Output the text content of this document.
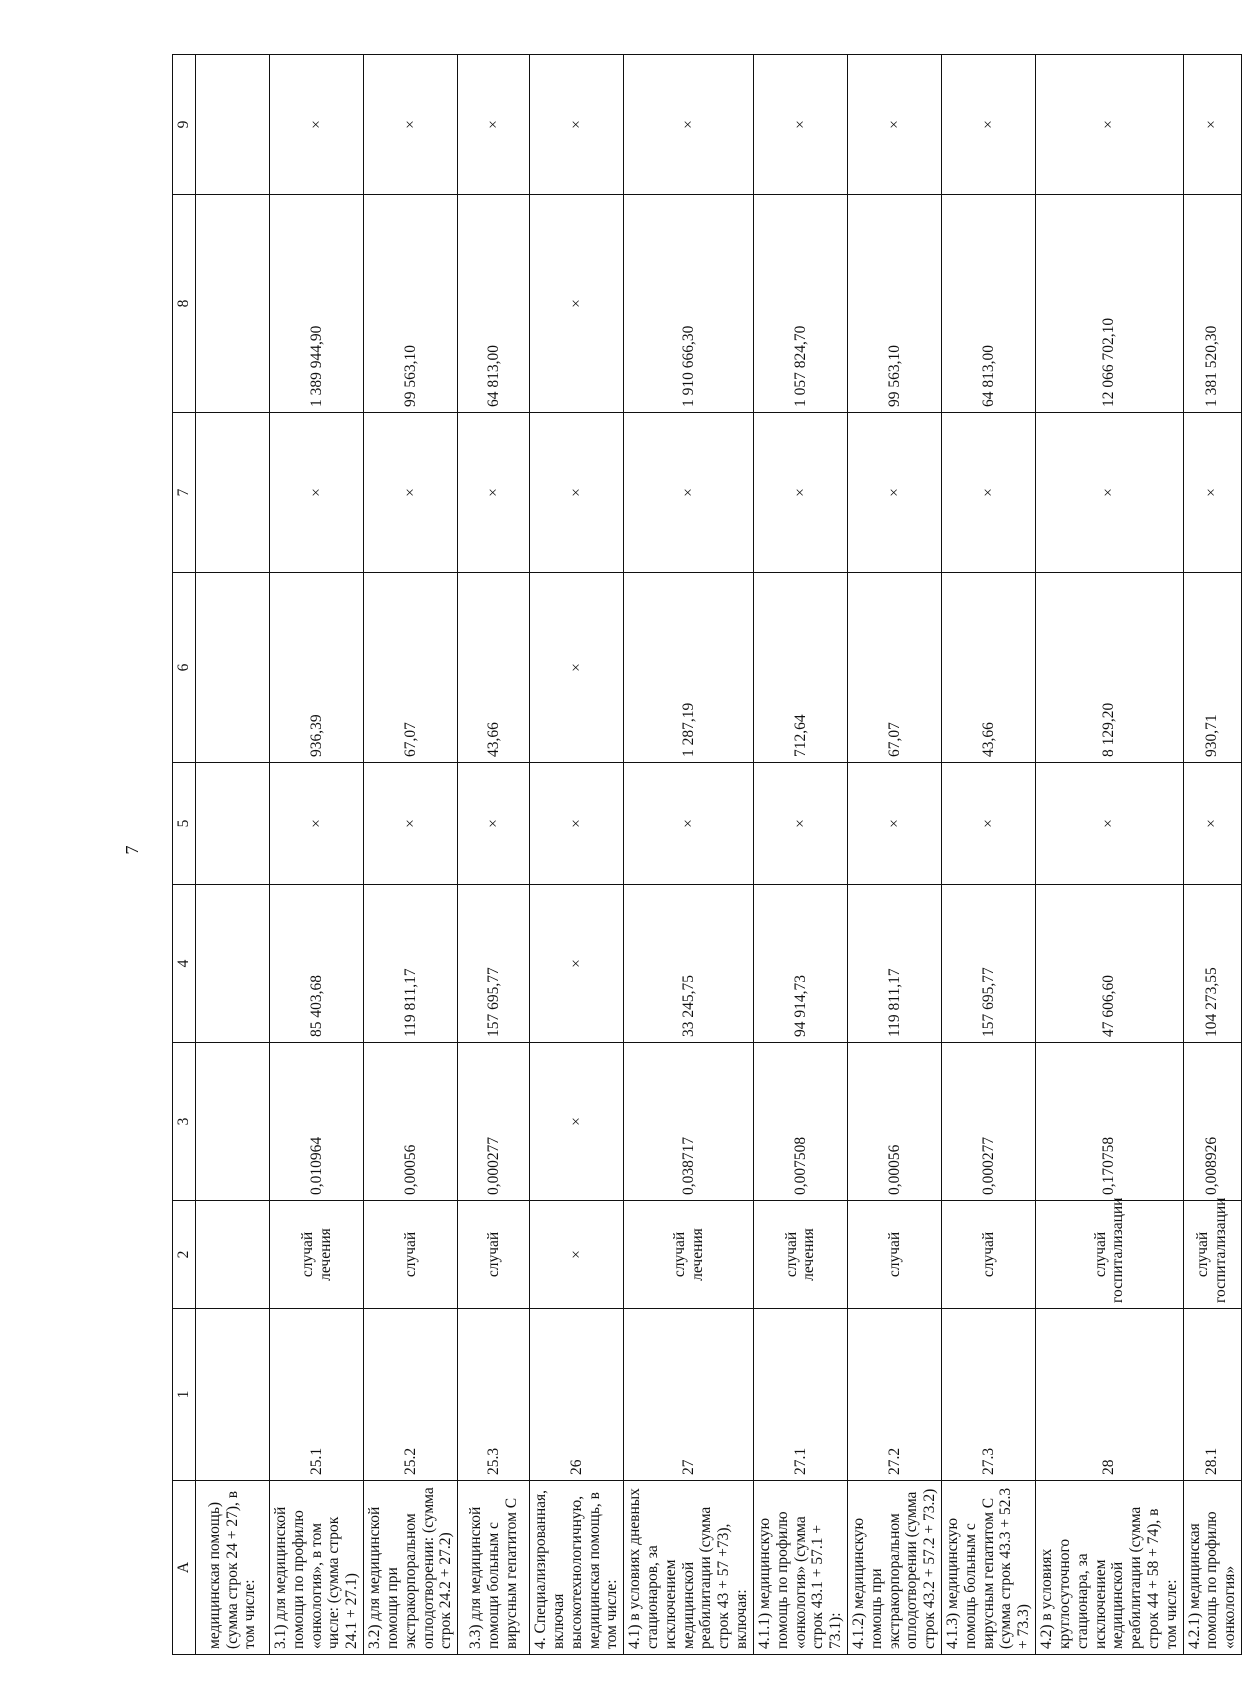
7
A	1	2	3	4	5	6	7	8	9
медицинская помощь) (сумма строк 24 + 27), в том числе:									
3.1) для медицинской помощи по профилю «онкология», в том числе: (сумма строк 24.1 + 27.1)	25.1	случай лечения	0,010964	85 403,68	×	936,39	×	1 389 944,90	×
3.2) для медицинской помощи при экстракорпоральном оплодотворении: (сумма строк 24.2 + 27.2)	25.2	случай	0,00056	119 811,17	×	67,07	×	99 563,10	×
3.3) для медицинской помощи больным с вирусным гепатитом С	25.3	случай	0,000277	157 695,77	×	43,66	×	64 813,00	×
4. Специализированная, включая высокотехнологичную, медицинская помощь, в том числе:	26	×	×	×	×	×	×	×	×
4.1) в условиях дневных стационаров, за исключением медицинской реабилитации (сумма строк 43 + 57 +73), включая:	27	случай лечения	0,038717	33 245,75	×	1 287,19	×	1 910 666,30	×
4.1.1) медицинскую помощь по профилю «онкология» (сумма строк 43.1 + 57.1 + 73.1):	27.1	случай лечения	0,007508	94 914,73	×	712,64	×	1 057 824,70	×
4.1.2) медицинскую помощь при экстракорпоральном оплодотворении (сумма строк 43.2 + 57.2 + 73.2)	27.2	случай	0,00056	119 811,17	×	67,07	×	99 563,10	×
4.1.3) медицинскую помощь больным с вирусным гепатитом С (сумма строк 43.3 + 52.3 + 73.3)	27.3	случай	0,000277	157 695,77	×	43,66	×	64 813,00	×
4.2) в условиях круглосуточного стационара, за исключением медицинской реабилитации (сумма строк 44 + 58 + 74), в том числе:	28	случай госпитализации	0,170758	47 606,60	×	8 129,20	×	12 066 702,10	×
4.2.1) медицинская помощь по профилю «онкология»	28.1	случай госпитализации	0,008926	104 273,55	×	930,71	×	1 381 520,30	×
